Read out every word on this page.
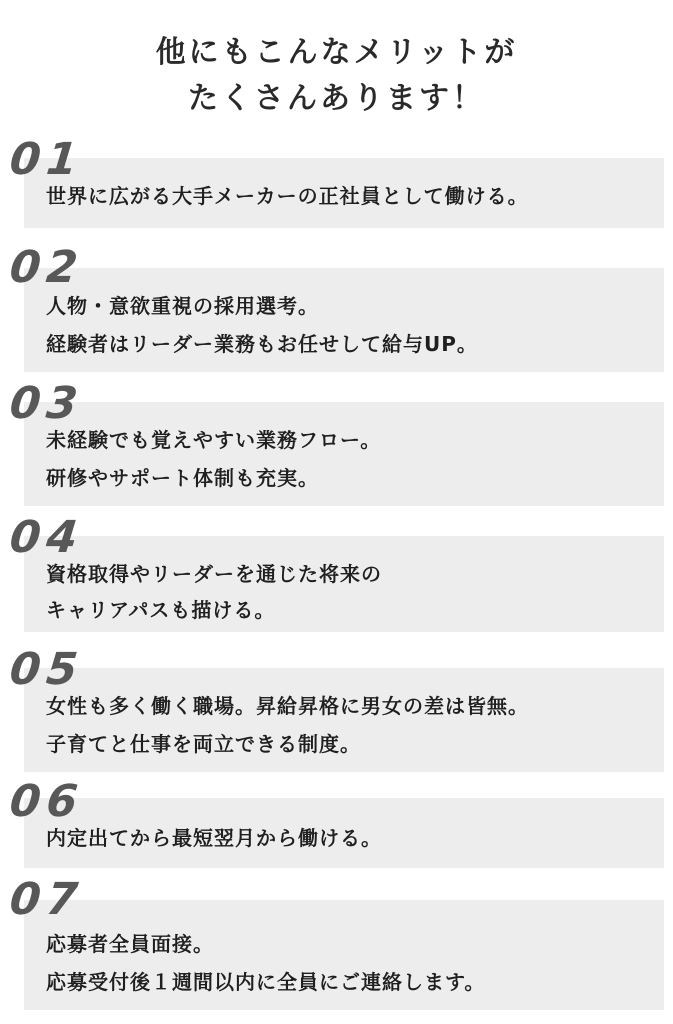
他にもこんなメリットが
たくさんあります！
01
世界に広がる大手メーカーの正社員として働ける。
02
人物・意欲重視の採用選考。
経験者はリーダー業務もお任せして給与UP。
03
未経験でも覚えやすい業務フロー。
研修やサポート体制も充実。
04
資格取得やリーダーを通じた将来の
キャリアパスも描ける。
05
女性も多く働く職場。昇給昇格に男女の差は皆無。
子育てと仕事を両立できる制度。
06
内定出てから最短翌月から働ける。
07
応募者全員面接。
応募受付後１週間以内に全員にご連絡します。
